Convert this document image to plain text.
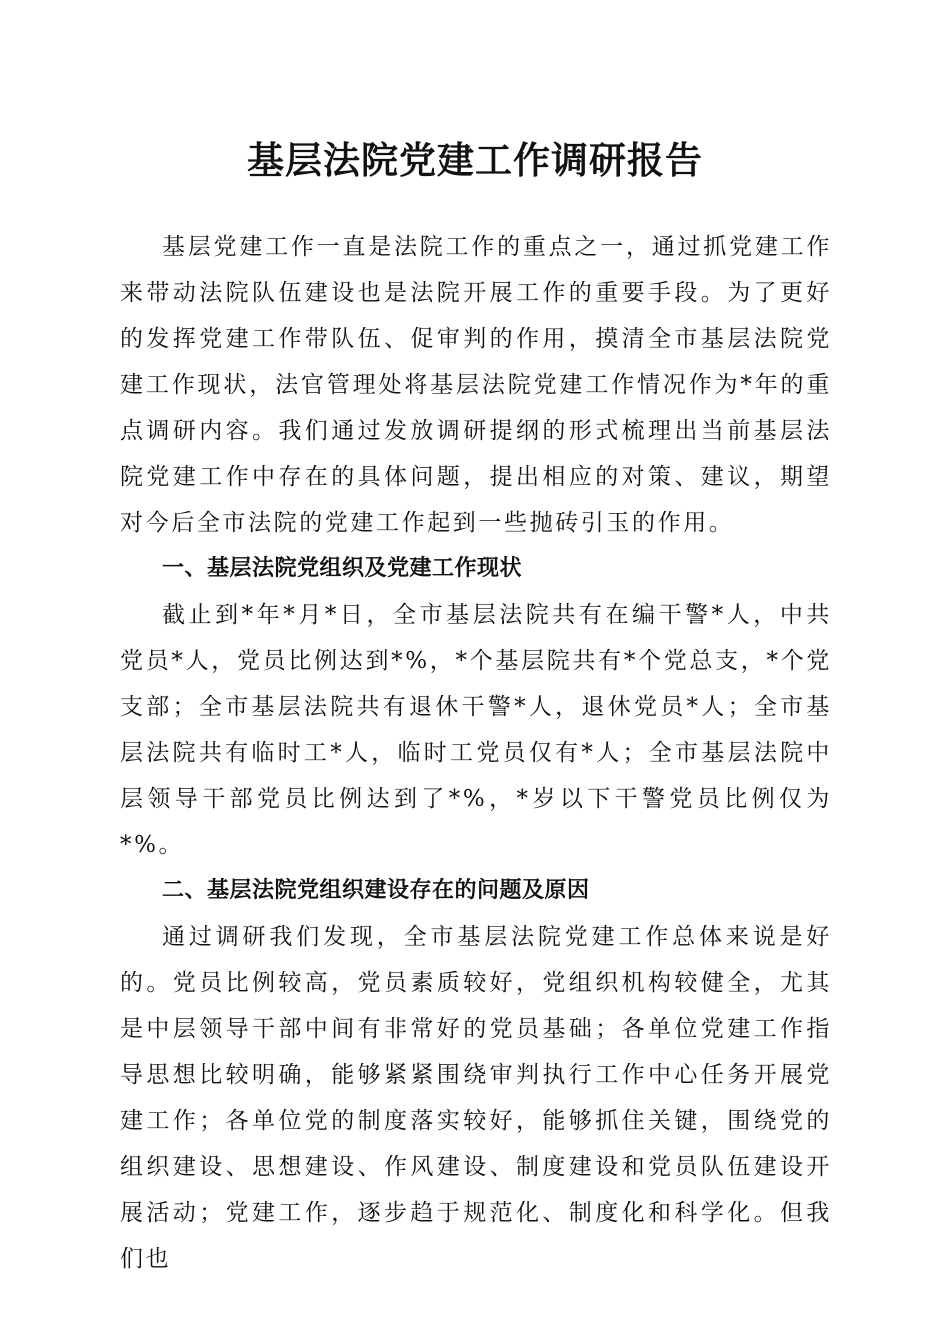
基层法院党建工作调研报告

基层党建工作一直是法院工作的重点之一，通过抓党建工作来带动法院队伍建设也是法院开展工作的重要手段。为了更好的发挥党建工作带队伍、促审判的作用，摸清全市基层法院党建工作现状，法官管理处将基层法院党建工作情况作为*年的重点调研内容。我们通过发放调研提纲的形式梳理出当前基层法院党建工作中存在的具体问题，提出相应的对策、建议，期望对今后全市法院的党建工作起到一些抛砖引玉的作用。

一、基层法院党组织及党建工作现状

截止到*年*月*日，全市基层法院共有在编干警*人，中共党员*人，党员比例达到*%，*个基层院共有*个党总支，*个党支部；全市基层法院共有退休干警*人，退休党员*人；全市基层法院共有临时工*人，临时工党员仅有*人；全市基层法院中层领导干部党员比例达到了*%，*岁以下干警党员比例仅为*%。

二、基层法院党组织建设存在的问题及原因

通过调研我们发现，全市基层法院党建工作总体来说是好的。党员比例较高，党员素质较好，党组织机构较健全，尤其是中层领导干部中间有非常好的党员基础；各单位党建工作指导思想比较明确，能够紧紧围绕审判执行工作中心任务开展党建工作；各单位党的制度落实较好，能够抓住关键，围绕党的组织建设、思想建设、作风建设、制度建设和党员队伍建设开展活动；党建工作，逐步趋于规范化、制度化和科学化。但我们也
